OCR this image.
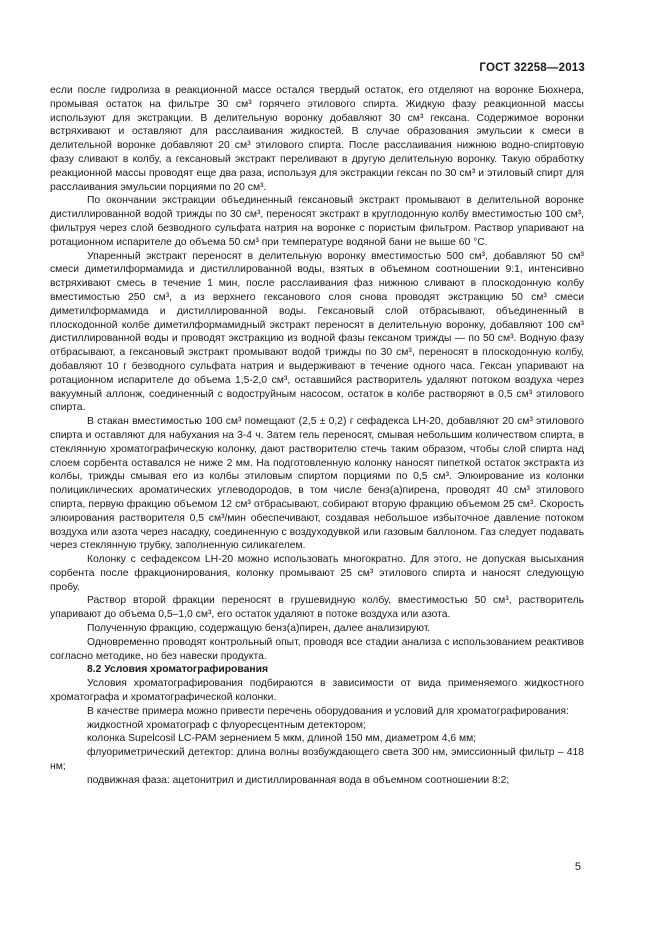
ГОСТ 32258—2013

если после гидролиза в реакционной массе остался твердый остаток, его отделяют на воронке Бюхнера, промывая остаток на фильтре 30 см³ горячего этилового спирта. Жидкую фазу реакционной массы используют для экстракции. В делительную воронку добавляют 30 см³ гексана. Содержимое воронки встряхивают и оставляют для расслаивания жидкостей. В случае образования эмульсии к смеси в делительной воронке добавляют 20 см³ этилового спирта. После расслаивания нижнюю водно-спиртовую фазу сливают в колбу, а гексановый экстракт переливают в другую делительную воронку. Такую обработку реакционной массы проводят еще два раза, используя для экстракции гексан по 30 см³ и этиловый спирт для расслаивания эмульсии порциями по 20 см³.

По окончании экстракции объединенный гексановый экстракт промывают в делительной воронке дистиллированной водой трижды по 30 см³, переносят экстракт в круглодонную колбу вместимостью 100 см³, фильтруя через слой безводного сульфата натрия на воронке с пористым фильтром. Раствор упаривают на ротационном испарителе до объема 50 см³ при температуре водяной бани не выше 60 °С.

Упаренный экстракт переносят в делительную воронку вместимостью 500 см³, добавляют 50 см³ смеси диметилформамида и дистиллированной воды, взятых в объемном соотношении 9:1, интенсивно встряхивают смесь в течение 1 мин, после расслаивания фаз нижнюю сливают в плоскодонную колбу вместимостью 250 см³, а из верхнего гексанового слоя снова проводят экстракцию 50 см³ смеси диметилформамида и дистиллированной воды. Гексановый слой отбрасывают, объединенный в плоскодонной колбе диметилформамидный экстракт переносят в делительную воронку, добавляют 100 см³ дистиллированной воды и проводят экстракцию из водной фазы гексаном трижды — по 50 см³. Водную фазу отбрасывают, а гексановый экстракт промывают водой трижды по 30 см³, переносят в плоскодонную колбу, добавляют 10 г безводного сульфата натрия и выдерживают в течение одного часа. Гексан упаривают на ротационном испарителе до объема 1,5-2,0 см³, оставшийся растворитель удаляют потоком воздуха через вакуумный аллонж, соединенный с водоструйным насосом, остаток в колбе растворяют в 0,5 см³ этилового спирта.

В стакан вместимостью 100 см³ помещают (2,5 ± 0,2) г сефадекса LH-20, добавляют 20 см³ этилового спирта и оставляют для набухания на 3-4 ч. Затем гель переносят, смывая небольшим количеством спирта, в стеклянную хроматографическую колонку, дают растворителю стечь таким образом, чтобы слой спирта над слоем сорбента оставался не ниже 2 мм. На подготовленную колонку наносят пипеткой остаток экстракта из колбы, трижды смывая его из колбы этиловым спиртом порциями по 0,5 см³. Элюирование из колонки полициклических ароматических углеводородов, в том числе бенз(а)пирена, проводят 40 см³ этилового спирта, первую фракцию объемом 12 см³ отбрасывают, собирают вторую фракцию объемом 25 см³. Скорость элюирования растворителя 0,5 см³/мин обеспечивают, создавая небольшое избыточное давление потоком воздуха или азота через насадку, соединенную с воздуходувкой или газовым баллоном. Газ следует подавать через стеклянную трубку, заполненную силикагелем.

Колонку с сефадексом LH-20 можно использовать многократно. Для этого, не допуская высыхания сорбента после фракционирования, колонку промывают 25 см³ этилового спирта и наносят следующую пробу.

Раствор второй фракции переносят в грушевидную колбу, вместимостью 50 см³, растворитель упаривают до объема 0,5–1,0 см³, его остаток удаляют в потоке воздуха или азота.

Полученную фракцию, содержащую бенз(а)пирен, далее анализируют.

Одновременно проводят контрольный опыт, проводя все стадии анализа с использованием реактивов согласно методике, но без навески продукта.

8.2 Условия хроматографирования

Условия хроматографирования подбираются в зависимости от вида применяемого жидкостного хроматографа и хроматографической колонки.

В качестве примера можно привести перечень оборудования и условий для хроматографирования:

жидкостной хроматограф с флуоресцентным детектором;

колонка Supelcosil LC-PAM зернением 5 мкм, длиной 150 мм, диаметром 4,6 мм;

флуориметрический детектор: длина волны возбуждающего света 300 нм, эмиссионный фильтр – 418 нм;

подвижная фаза: ацетонитрил и дистиллированная вода в объемном соотношении 8:2;

5
